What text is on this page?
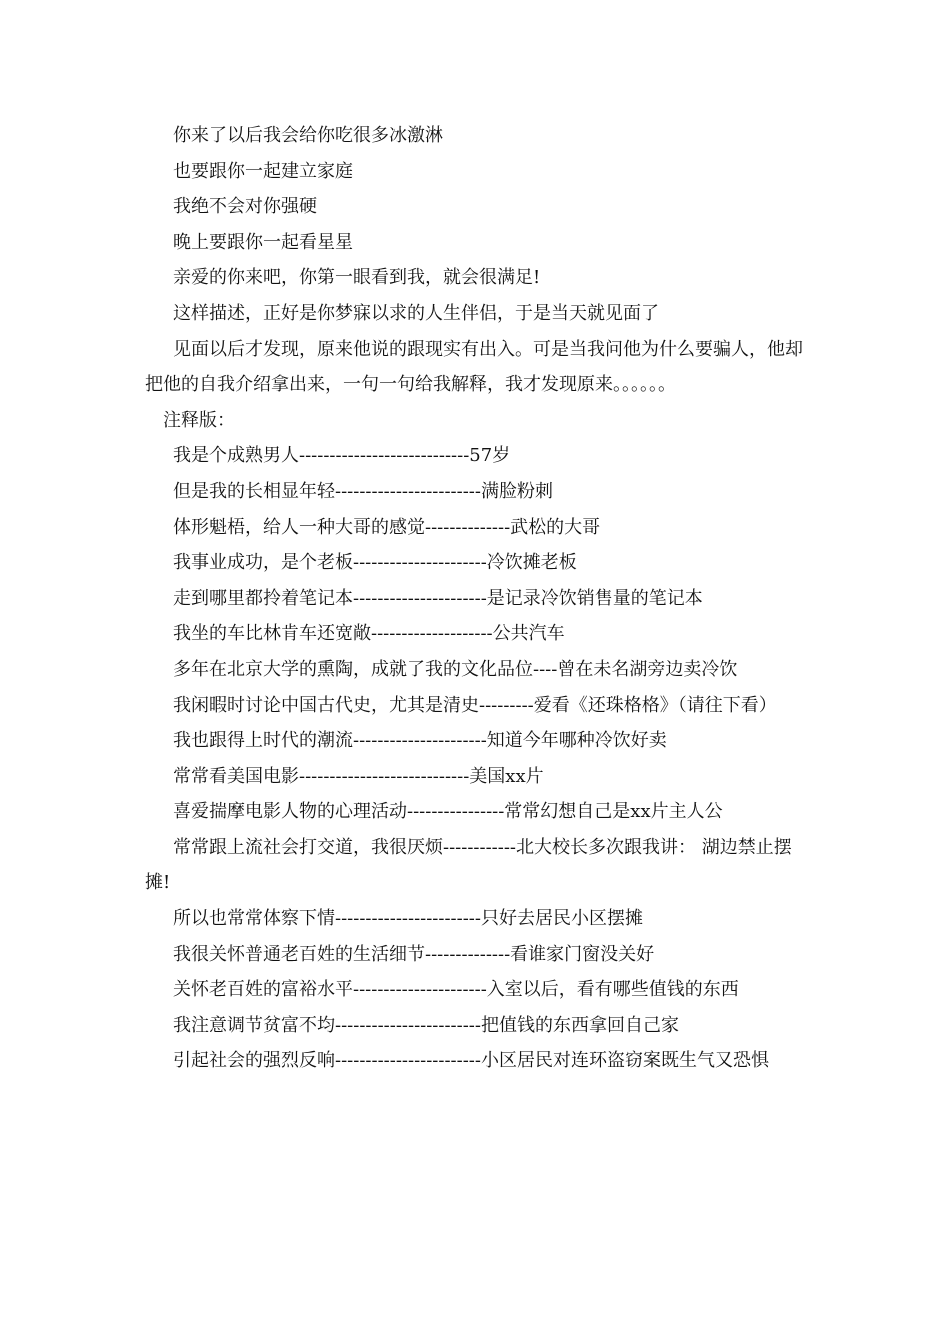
你来了以后我会给你吃很多冰激淋

也要跟你一起建立家庭

我绝不会对你强硬

晚上要跟你一起看星星

亲爱的你来吧，你第一眼看到我，就会很满足!

这样描述，正好是你梦寐以求的人生伴侣，于是当天就见面了

见面以后才发现，原来他说的跟现实有出入。可是当我问他为什么要骗人，他却把他的自我介绍拿出来，一句一句给我解释，我才发现原来。。。。。。

注释版：

我是个成熟男人----------------------------57岁

但是我的长相显年轻------------------------满脸粉刺

体形魁梧，给人一种大哥的感觉--------------武松的大哥

我事业成功，是个老板----------------------冷饮摊老板

走到哪里都拎着笔记本----------------------是记录冷饮销售量的笔记本

我坐的车比林肯车还宽敞--------------------公共汽车

多年在北京大学的熏陶，成就了我的文化品位----曾在未名湖旁边卖冷饮

我闲暇时讨论中国古代史，尤其是清史---------爱看《还珠格格》（请往下看）

我也跟得上时代的潮流----------------------知道今年哪种冷饮好卖

常常看美国电影----------------------------美国xx片

喜爱揣摩电影人物的心理活动----------------常常幻想自己是xx片主人公

常常跟上流社会打交道，我很厌烦------------北大校长多次跟我讲： 湖边禁止摆摊!

所以也常常体察下情------------------------只好去居民小区摆摊

我很关怀普通老百姓的生活细节--------------看谁家门窗没关好

关怀老百姓的富裕水平----------------------入室以后，看有哪些值钱的东西

我注意调节贫富不均------------------------把值钱的东西拿回自己家

引起社会的强烈反响------------------------小区居民对连环盗窃案既生气又恐惧
